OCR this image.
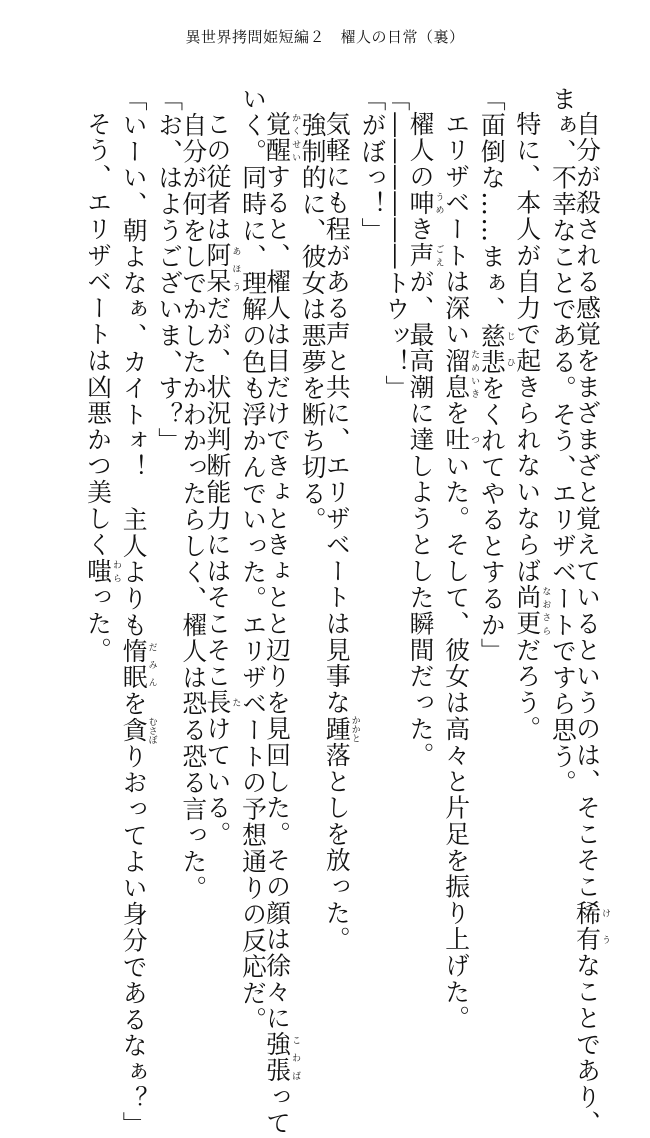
異世界拷問姫短編２　櫂人の日常（裏）

自分が殺される感覚をまざまざと覚えているというのは、そこそこ稀有けうなことであり、

まぁ、不幸なことである。そう、エリザベートですら思う。

特に、本人が自力で起きられないならば尚更なおさらだろう。

「面倒な……まぁ、慈悲じひをくれてやるとするか」

エリザベートは深い溜息ためいきを吐ついた。そして、彼女は高々と片足を振り上げた。

櫂人の呻うめき声ごえが、最高潮に達しようとした瞬間だった。

「――――――トウッ！」

「がぼっ！」

気軽にも程がある声と共に、エリザベートは見事な踵かかと落としを放った。

　強制的に、彼女は悪夢を断ち切る。

覚醒かくせいすると、櫂人は目だけできょときょとと辺りを見回した。その顔は徐々に強張こわばって

いく。同時に、理解の色も浮かんでいった。エリザベートの予想通りの反応だ。

この従者は阿呆あほうだが、状況判断能力にはそこそこ長たけている。

　自分が何をしでかしたかわかったらしく、櫂人は恐る恐る言った。

「お、はようございま、す？」

「いーい、朝よなぁ、カイトォ！　主人よりも惰眠だみんを貪むさぼりおってよい身分であるなぁ？」

そう、エリザベートは凶悪かつ美しく嗤わらった。
